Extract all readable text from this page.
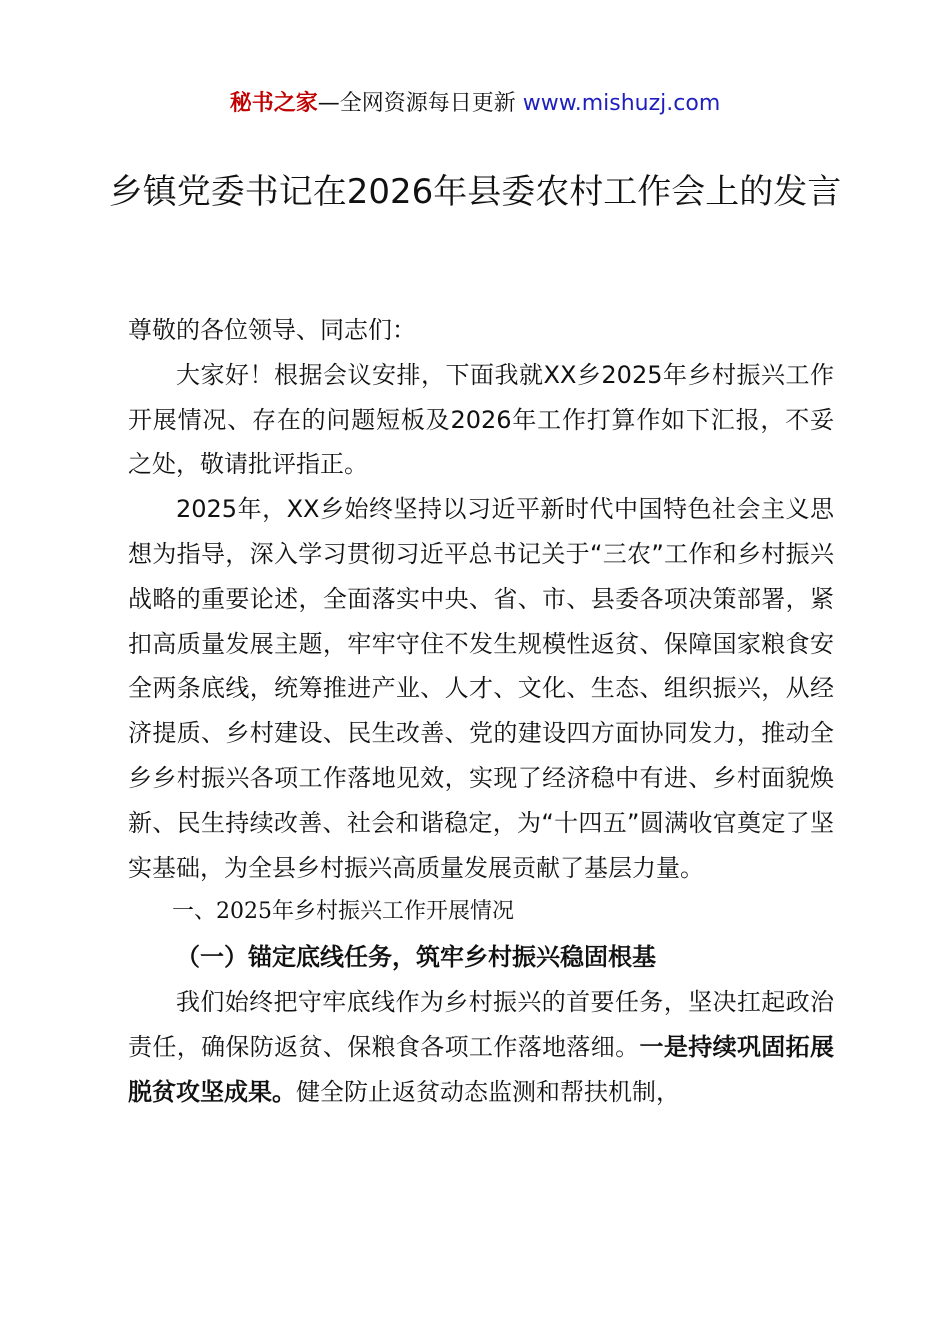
秘书之家—全网资源每日更新 www.mishuzj.com
乡镇党委书记在2026年县委农村工作会上的发言

尊敬的各位领导、同志们：

大家好！根据会议安排，下面我就XX乡2025年乡村振兴工作开展情况、存在的问题短板及2026年工作打算作如下汇报，不妥之处，敬请批评指正。

2025年，XX乡始终坚持以习近平新时代中国特色社会主义思想为指导，深入学习贯彻习近平总书记关于“三农”工作和乡村振兴战略的重要论述，全面落实中央、省、市、县委各项决策部署，紧扣高质量发展主题，牢牢守住不发生规模性返贫、保障国家粮食安全两条底线，统筹推进产业、人才、文化、生态、组织振兴，从经济提质、乡村建设、民生改善、党的建设四方面协同发力，推动全乡乡村振兴各项工作落地见效，实现了经济稳中有进、乡村面貌焕新、民生持续改善、社会和谐稳定，为“十四五”圆满收官奠定了坚实基础，为全县乡村振兴高质量发展贡献了基层力量。

一、2025年乡村振兴工作开展情况

（一）锚定底线任务，筑牢乡村振兴稳固根基

我们始终把守牢底线作为乡村振兴的首要任务，坚决扛起政治责任，确保防返贫、保粮食各项工作落地落细。一是持续巩固拓展脱贫攻坚成果。健全防止返贫动态监测和帮扶机制，
